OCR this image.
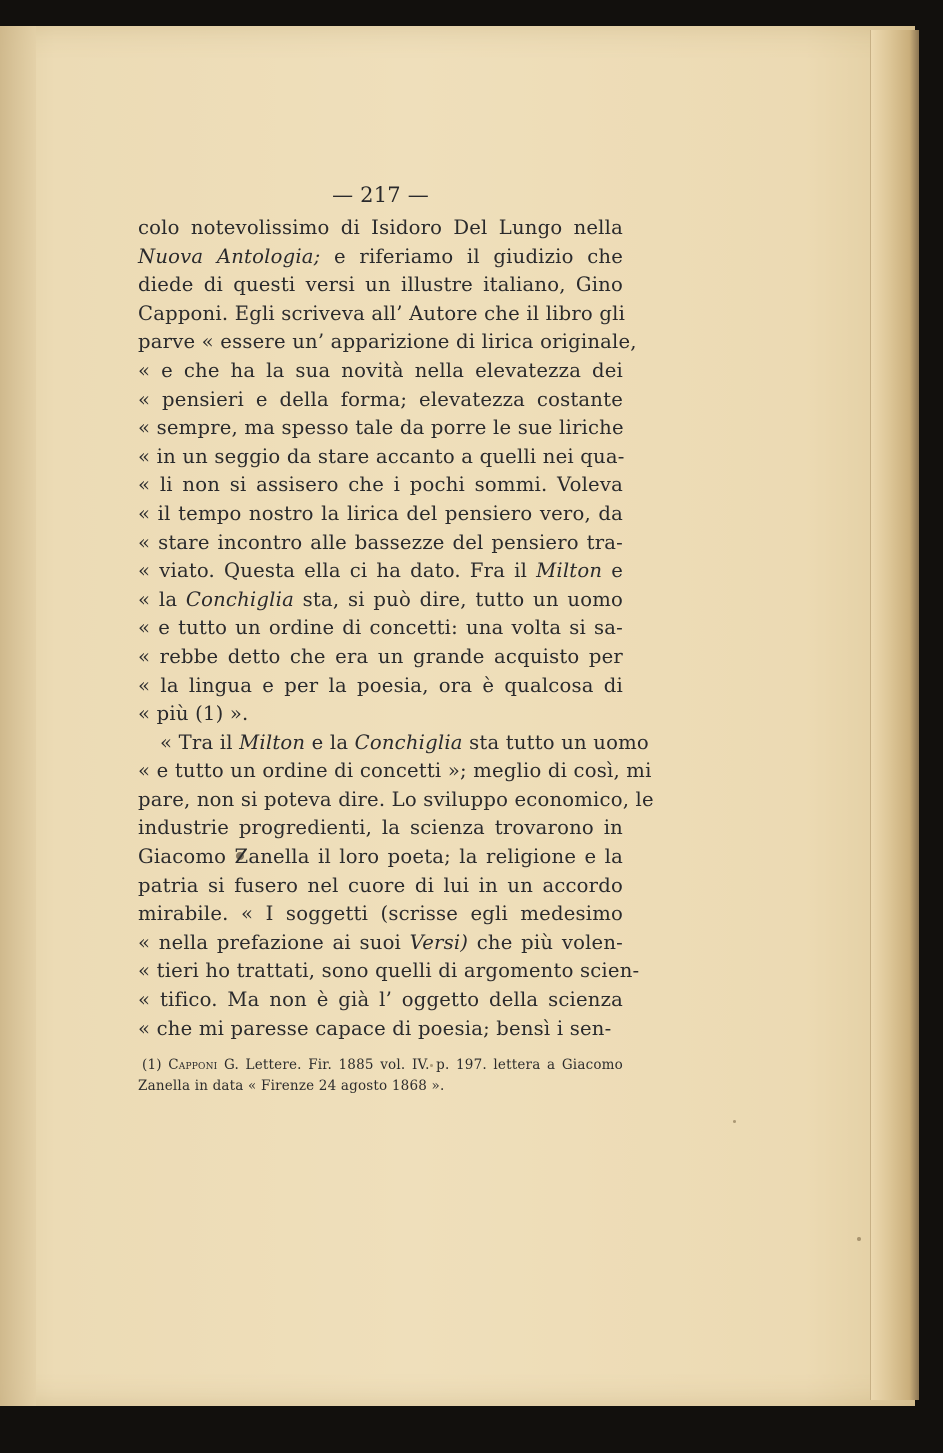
— 217 —
colo notevolissimo di Isidoro Del Lungo nella
Nuova Antologia; e riferiamo il giudizio che
diede di questi versi un illustre italiano, Gino
Capponi. Egli scriveva all’ Autore che il libro gli
parve « essere un’ apparizione di lirica originale,
« e che ha la sua novità nella elevatezza dei
« pensieri e della forma; elevatezza costante
« sempre, ma spesso tale da porre le sue liriche
« in un seggio da stare accanto a quelli nei qua-
« li non si assisero che i pochi sommi. Voleva
« il tempo nostro la lirica del pensiero vero, da
« stare incontro alle bassezze del pensiero tra-
« viato. Questa ella ci ha dato. Fra il Milton e
« la Conchiglia sta, si può dire, tutto un uomo
« e tutto un ordine di concetti: una volta si sa-
« rebbe detto che era un grande acquisto per
« la lingua e per la poesia, ora è qualcosa di
« più (1) ».
« Tra il Milton e la Conchiglia sta tutto un uomo
« e tutto un ordine di concetti »; meglio di così, mi
pare, non si poteva dire. Lo sviluppo economico, le
industrie progredienti, la scienza trovarono in
Giacomo Zanella il loro poeta; la religione e la
patria si fusero nel cuore di lui in un accordo
mirabile. « I soggetti (scrisse egli medesimo
« nella prefazione ai suoi Versi) che più volen-
« tieri ho trattati, sono quelli di argomento scien-
« tifico. Ma non è già l’ oggetto della scienza
« che mi paresse capace di poesia; bensì i sen-
(1) Capponi G. Lettere. Fir. 1885 vol. IV. p. 197. lettera a Giacomo
Zanella in data « Firenze 24 agosto 1868 ».
